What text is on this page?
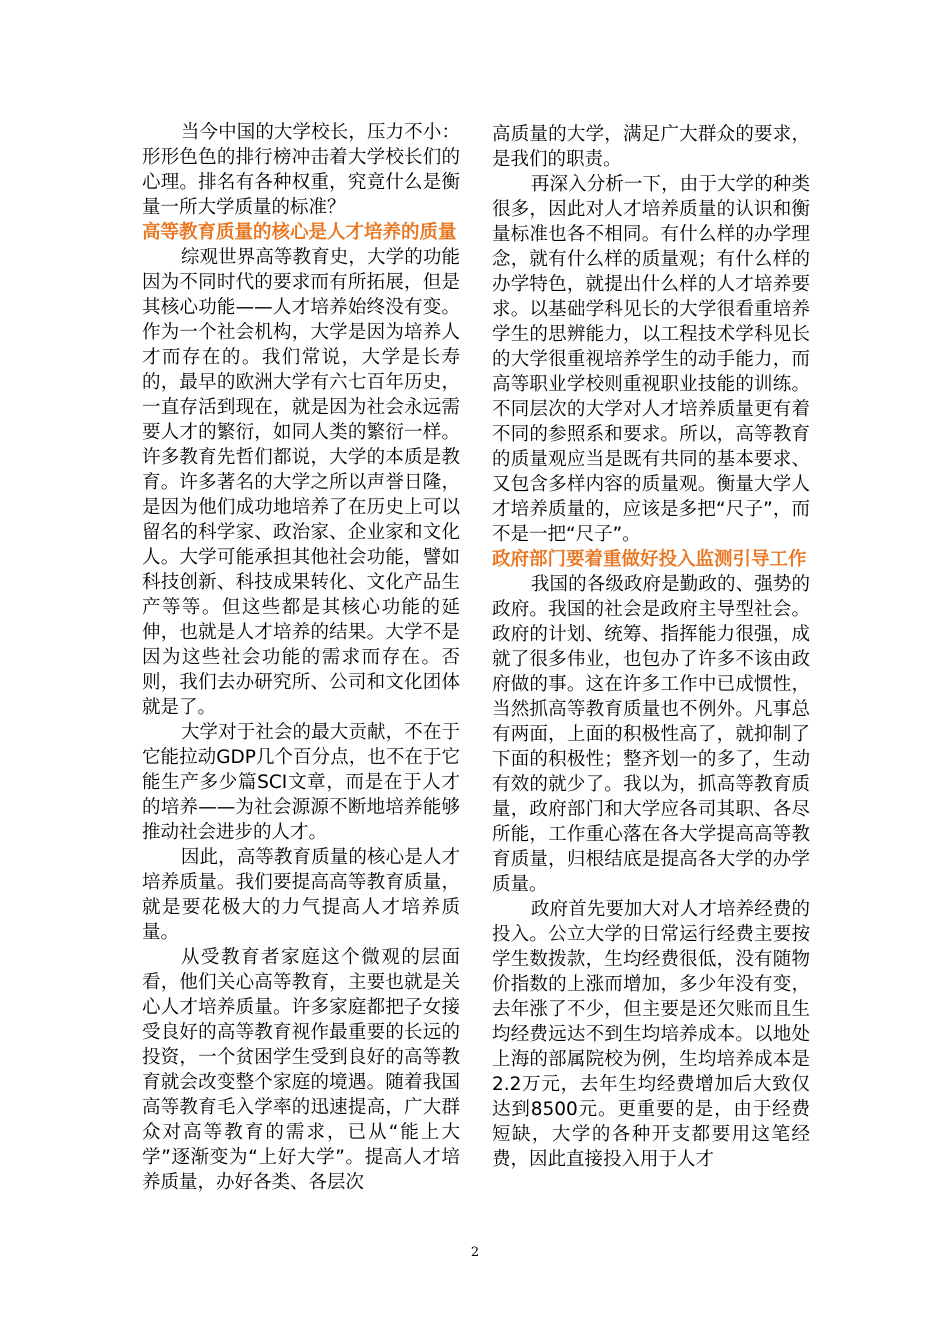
当今中国的大学校长，压力不小：形形色色的排行榜冲击着大学校长们的心理。排名有各种权重，究竟什么是衡量一所大学质量的标准？

高等教育质量的核心是人才培养的质量

综观世界高等教育史，大学的功能因为不同时代的要求而有所拓展，但是其核心功能——人才培养始终没有变。作为一个社会机构，大学是因为培养人才而存在的。我们常说，大学是长寿的，最早的欧洲大学有六七百年历史，一直存活到现在，就是因为社会永远需要人才的繁衍，如同人类的繁衍一样。许多教育先哲们都说，大学的本质是教育。许多著名的大学之所以声誉日隆，是因为他们成功地培养了在历史上可以留名的科学家、政治家、企业家和文化人。大学可能承担其他社会功能，譬如科技创新、科技成果转化、文化产品生产等等。但这些都是其核心功能的延伸，也就是人才培养的结果。大学不是因为这些社会功能的需求而存在。否则，我们去办研究所、公司和文化团体就是了。

大学对于社会的最大贡献，不在于它能拉动GDP几个百分点，也不在于它能生产多少篇SCI文章，而是在于人才的培养——为社会源源不断地培养能够推动社会进步的人才。

因此，高等教育质量的核心是人才培养质量。我们要提高高等教育质量，就是要花极大的力气提高人才培养质量。

从受教育者家庭这个微观的层面看，他们关心高等教育，主要也就是关心人才培养质量。许多家庭都把子女接受良好的高等教育视作最重要的长远的投资，一个贫困学生受到良好的高等教育就会改变整个家庭的境遇。随着我国高等教育毛入学率的迅速提高，广大群众对高等教育的需求，已从“能上大学”逐渐变为“上好大学”。提高人才培养质量，办好各类、各层次

高质量的大学，满足广大群众的要求，是我们的职责。

再深入分析一下，由于大学的种类很多，因此对人才培养质量的认识和衡量标准也各不相同。有什么样的办学理念，就有什么样的质量观；有什么样的办学特色，就提出什么样的人才培养要求。以基础学科见长的大学很看重培养学生的思辨能力，以工程技术学科见长的大学很重视培养学生的动手能力，而高等职业学校则重视职业技能的训练。不同层次的大学对人才培养质量更有着不同的参照系和要求。所以，高等教育的质量观应当是既有共同的基本要求、又包含多样内容的质量观。衡量大学人才培养质量的，应该是多把“尺子”，而不是一把“尺子”。

政府部门要着重做好投入监测引导工作

我国的各级政府是勤政的、强势的政府。我国的社会是政府主导型社会。政府的计划、统筹、指挥能力很强，成就了很多伟业，也包办了许多不该由政府做的事。这在许多工作中已成惯性，当然抓高等教育质量也不例外。凡事总有两面，上面的积极性高了，就抑制了下面的积极性；整齐划一的多了，生动有效的就少了。我以为，抓高等教育质量，政府部门和大学应各司其职、各尽所能，工作重心落在各大学提高高等教育质量，归根结底是提高各大学的办学质量。

政府首先要加大对人才培养经费的投入。公立大学的日常运行经费主要按学生数拨款，生均经费很低，没有随物价指数的上涨而增加，多少年没有变，去年涨了不少，但主要是还欠账而且生均经费远达不到生均培养成本。以地处上海的部属院校为例，生均培养成本是2.2万元，去年生均经费增加后大致仅达到8500元。更重要的是，由于经费短缺，大学的各种开支都要用这笔经费，因此直接投入用于人才

2
